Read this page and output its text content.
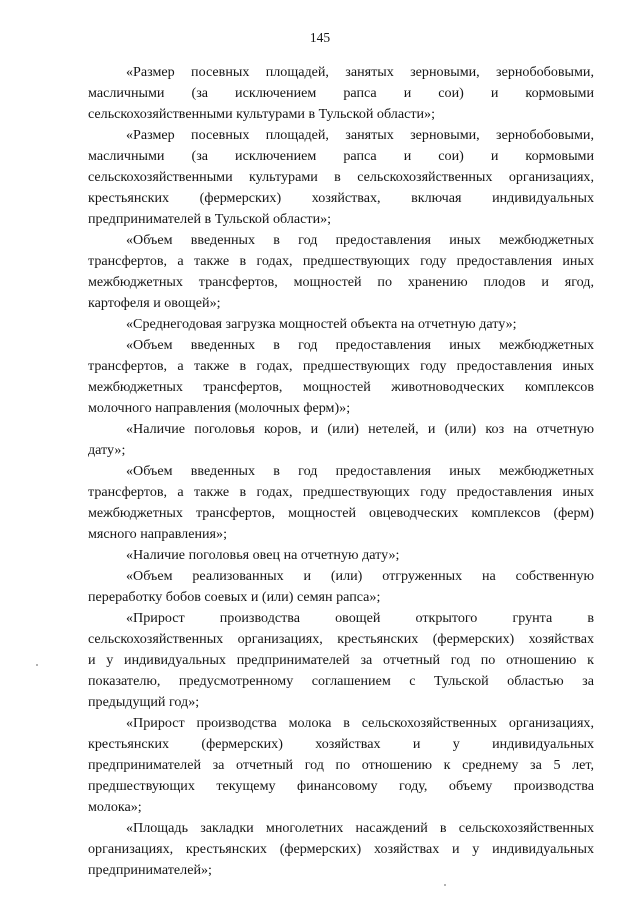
145

«Размер посевных площадей, занятых зерновыми, зернобобовыми,
масличными (за исключением рапса и сои) и кормовыми
сельскохозяйственными культурами в Тульской области»;

«Размер посевных площадей, занятых зерновыми, зернобобовыми,
масличными (за исключением рапса и сои) и кормовыми
сельскохозяйственными культурами в сельскохозяйственных организациях,
крестьянских (фермерских) хозяйствах, включая индивидуальных
предпринимателей в Тульской области»;

«Объем введенных в год предоставления иных межбюджетных
трансфертов, а также в годах, предшествующих году предоставления иных
межбюджетных трансфертов, мощностей по хранению плодов и ягод,
картофеля и овощей»;

«Среднегодовая загрузка мощностей объекта на отчетную дату»;

«Объем введенных в год предоставления иных межбюджетных
трансфертов, а также в годах, предшествующих году предоставления иных
межбюджетных трансфертов, мощностей животноводческих комплексов
молочного направления (молочных ферм)»;

«Наличие поголовья коров, и (или) нетелей, и (или) коз на отчетную
дату»;

«Объем введенных в год предоставления иных межбюджетных
трансфертов, а также в годах, предшествующих году предоставления иных
межбюджетных трансфертов, мощностей овцеводческих комплексов (ферм)
мясного направления»;

«Наличие поголовья овец на отчетную дату»;

«Объем реализованных и (или) отгруженных на собственную
переработку бобов соевых и (или) семян рапса»;

«Прирост производства овощей открытого грунта в
сельскохозяйственных организациях, крестьянских (фермерских) хозяйствах
и у индивидуальных предпринимателей за отчетный год по отношению к
показателю, предусмотренному соглашением с Тульской областью за
предыдущий год»;

«Прирост производства молока в сельскохозяйственных организациях,
крестьянских (фермерских) хозяйствах и у индивидуальных
предпринимателей за отчетный год по отношению к среднему за 5 лет,
предшествующих текущему финансовому году, объему производства
молока»;

«Площадь закладки многолетних насаждений в сельскохозяйственных
организациях, крестьянских (фермерских) хозяйствах и у индивидуальных
предпринимателей»;
